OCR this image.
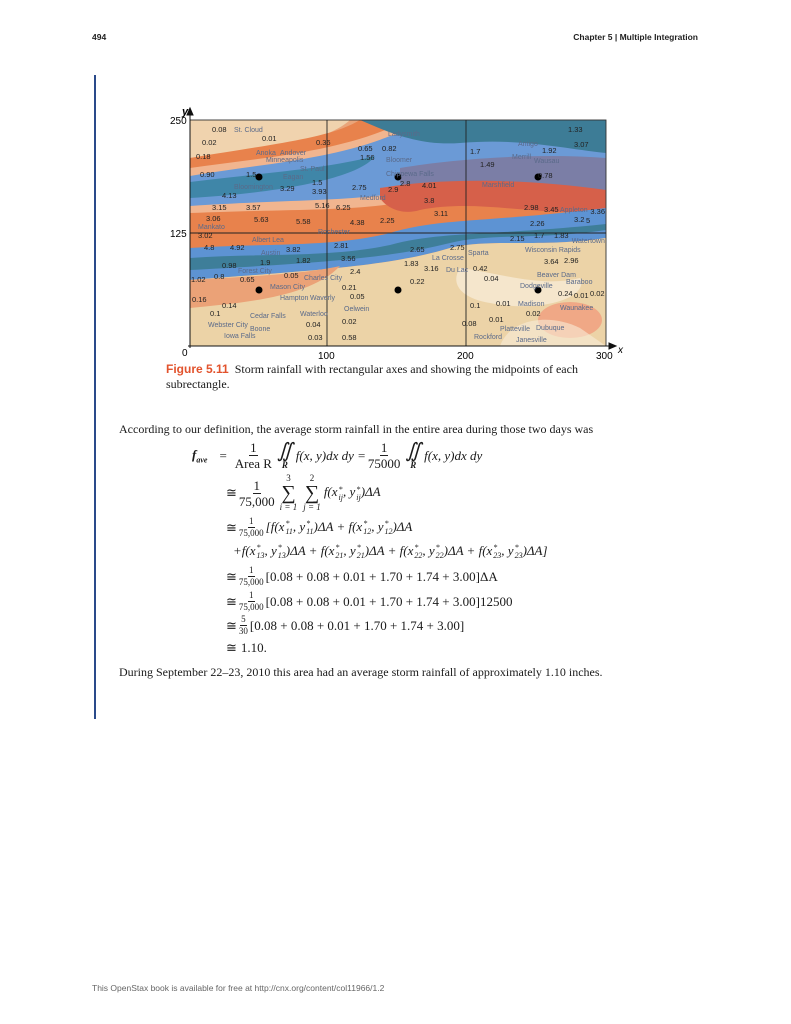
494	Chapter 5 | Multiple Integration
y
x
250
125
0	100	200	300
0.08 St. Cloud
0.02
0.18
0.01
Andover
Anoka
0.36
Minneapolis
St. Paul
0.90	1.5
1.5
Bloomington
Eagan
3.29
4.13	3.93	2.75
3.15	3.57	5.16 6.25
3.06
Mankato
5.63	5.58	4.38
Rochester
3.02
4.8 4.92
Albert Lea
Austin 3.82	2.81
3.56
0.98	1.9	1.82
2.4
1.02 0.8 0.65	0.05
Forest City
Mason City	0.21
0.05
Charles City
Hampton Waverly
Oelwein
0.16
0.14
0.1
Webster City
Iowa Falls
Cedar Falls Waterloo
0.02
0.04
Boone
0.03	0.58
Ladysmith
0.82
0.65
Bloomer
1.56
Chippewa Falls
2.9
2.8 4.01
Medford
1.7
1.49
Merrill
Antigo
1.92
Wausau
0.78
1.33
3.07
Marshfield
3.8
3.11	3.45
3.2
3.36
2.98	Appleton
5
2.25	2.26
1.7
Wisconsin Rapids
2.15	1.83
3.64 2.96
2.65	2.75
Sparta
0.42
La Crosse
3.16
1.83
0.22	0.04
Du Lac
Beaver Dam
Baraboo
0.24
Watertown
Waunakee
0.01
Dodgeville
0.02
Madison
0.1
0.01
Platteville
0.02
Dubuque
0.01
Janesville
Rockford
0.08
Figure 5.11 Storm rainfall with rectangular axes and showing the midpoints of each subrectangle.
According to our definition, the average storm rainfall in the entire area during those two days was
$f_{ave} = \frac{1}{\text{Area R}}$ ∬
R
f(x, y)dx dy = $\frac{1}{75000}$ ∬
R
f(x, y)dx dy
≅ $\frac{1}{75,000}$
3
∑
i = 1
2
∑
j = 1
f(x *
ij , y *
ij )ΔA
≅ $\frac{1}{75,000} [f(x$ *
11 , y *
11 )ΔA + f(x *
12 , y *
12 )ΔA
+f(x *
13 , y *
13 )ΔA + f(x *
21 , y *
21 )ΔA + f(x *
22 , y *
22 )ΔA + f(x *
23 , y *
23 )ΔA]
≅ $\frac{1}{75,000} [0.08 + 0.08 + 0.01 + 1.70 + 1.74 + 3.00]\Delta A$
≅ $\frac{1}{75,000} [0.08 + 0.08 + 0.01 + 1.70 + 1.74 + 3.00]12500$
≅ $\frac{5}{30} [0.08 + 0.08 + 0.01 + 1.70 + 1.74 + 3.00]$
≅ 1.10.
During September 22–23, 2010 this area had an average storm rainfall of approximately 1.10 inches.
This OpenStax book is available for free at http://cnx.org/content/col11966/1.2
